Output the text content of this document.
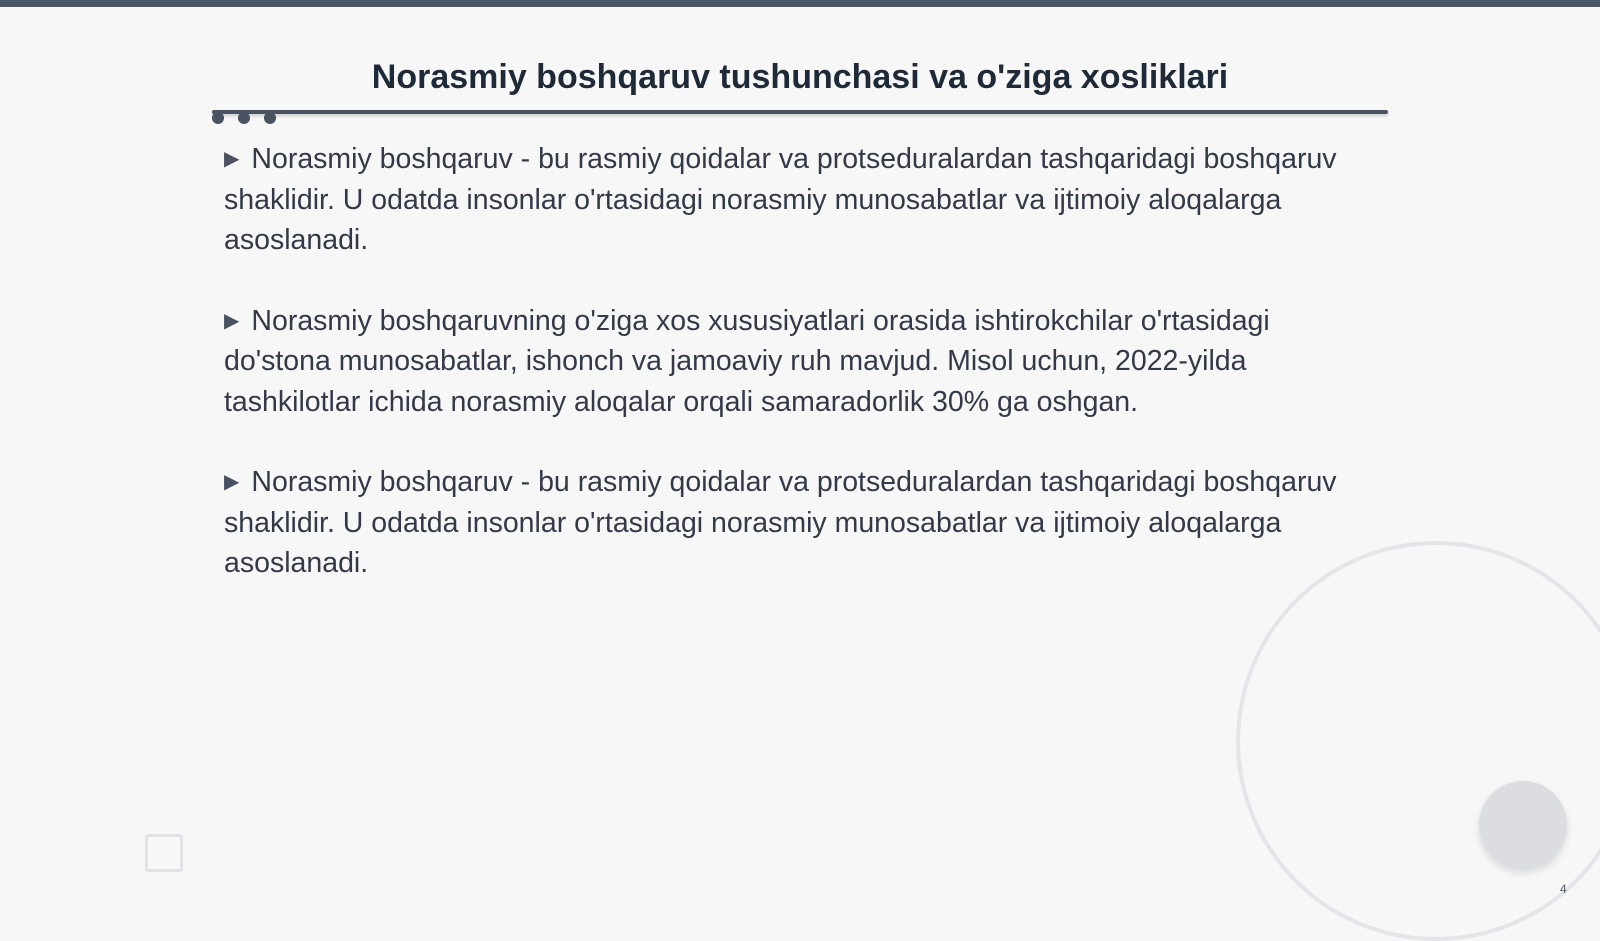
Norasmiy boshqaruv tushunchasi va o'ziga xosliklari
▶ Norasmiy boshqaruv - bu rasmiy qoidalar va protseduralardan tashqaridagi boshqaruv shaklidir. U odatda insonlar o'rtasidagi norasmiy munosabatlar va ijtimoiy aloqalarga asoslanadi.
▶ Norasmiy boshqaruvning o'ziga xos xususiyatlari orasida ishtirokchilar o'rtasidagi do'stona munosabatlar, ishonch va jamoaviy ruh mavjud. Misol uchun, 2022-yilda tashkilotlar ichida norasmiy aloqalar orqali samaradorlik 30% ga oshgan.
▶ Norasmiy boshqaruv - bu rasmiy qoidalar va protseduralardan tashqaridagi boshqaruv shaklidir. U odatda insonlar o'rtasidagi norasmiy munosabatlar va ijtimoiy aloqalarga asoslanadi.
4
